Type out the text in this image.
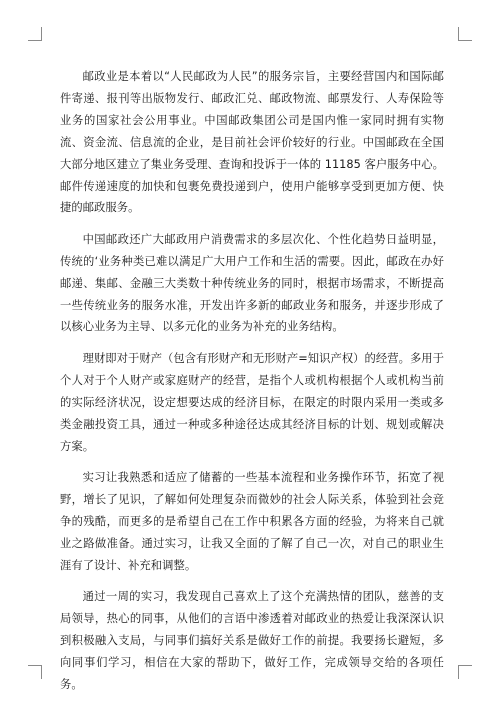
邮政业是本着以“人民邮政为人民”的服务宗旨，主要经营国内和国际邮件寄递、报刊等出版物发行、邮政汇兑、邮政物流、邮票发行、人寿保险等业务的国家社会公用事业。中国邮政集团公司是国内惟一家同时拥有实物流、资金流、信息流的企业，是目前社会评价较好的行业。中国邮政在全国大部分地区建立了集业务受理、查询和投诉于一体的 11185 客户服务中心。邮件传递速度的加快和包裹免费投递到户，使用户能够享受到更加方便、快捷的邮政服务。

中国邮政还广大邮政用户消费需求的多层次化、个性化趋势日益明显，传统的‘业务种类已难以满足广大用户工作和生活的需要。因此，邮政在办好邮递、集邮、金融三大类数十种传统业务的同时，根据市场需求，不断提高一些传统业务的服务水准，开发出许多新的邮政业务和服务，并逐步形成了以核心业务为主导、以多元化的业务为补充的业务结构。

理财即对于财产（包含有形财产和无形财产=知识产权）的经营。多用于个人对于个人财产或家庭财产的经营，是指个人或机构根据个人或机构当前的实际经济状况，设定想要达成的经济目标，在限定的时限内采用一类或多类金融投资工具，通过一种或多种途径达成其经济目标的计划、规划或解决方案。

实习让我熟悉和适应了储蓄的一些基本流程和业务操作环节，拓宽了视野，增长了见识，了解如何处理复杂而微妙的社会人际关系，体验到社会竞争的残酷，而更多的是希望自己在工作中积累各方面的经验，为将来自己就业之路做准备。通过实习，让我又全面的了解了自己一次，对自己的职业生涯有了设计、补充和调整。

通过一周的实习，我发现自己喜欢上了这个充满热情的团队，慈善的支局领导，热心的同事，从他们的言语中渗透着对邮政业的热爱让我深深认识到积极融入支局，与同事们搞好关系是做好工作的前提。我要扬长避短，多向同事们学习，相信在大家的帮助下，做好工作，完成领导交给的各项任务。
